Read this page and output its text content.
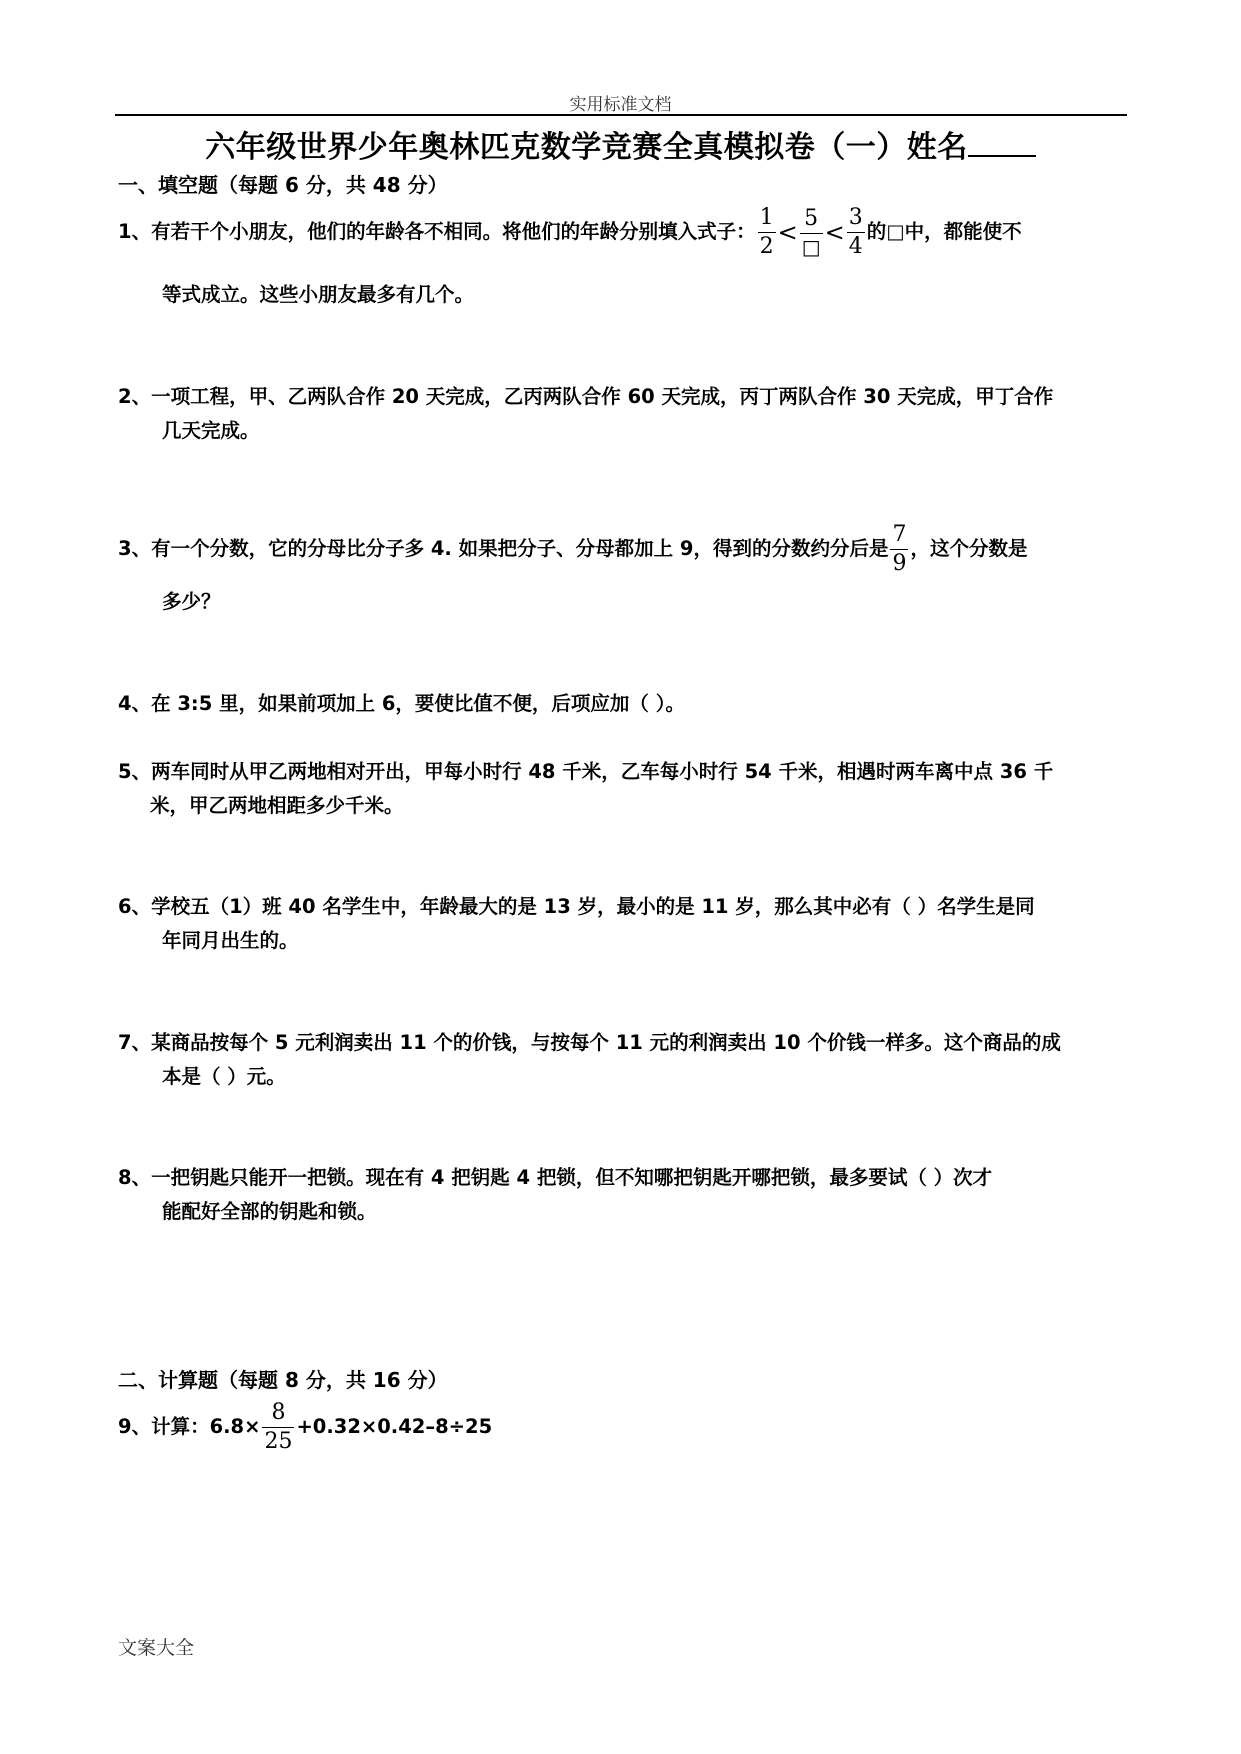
实用标准文档
六年级世界少年奥林匹克数学竞赛全真模拟卷（一）姓名
一、填空题（每题 6 分，共 48 分）
1、有若干个小朋友，他们的年龄各不相同。将他们的年龄分别填入式子： $\frac{1}{2} < \frac{5}{□} < \frac{3}{4}$ 的□中，都能使不
等式成立。这些小朋友最多有几个。
2、一项工程，甲、乙两队合作 20 天完成，乙丙两队合作 60 天完成，丙丁两队合作 30 天完成，甲丁合作
几天完成。
3、有一个分数，它的分母比分子多 4. 如果把分子、分母都加上 9，得到的分数约分后是 $\frac{7}{9}$ ，这个分数是
多少？
4、在 3:5 里，如果前项加上 6，要使比值不便，后项应加（ ）。
5、两车同时从甲乙两地相对开出，甲每小时行 48 千米，乙车每小时行 54 千米，相遇时两车离中点 36 千
米，甲乙两地相距多少千米。
6、学校五（1）班 40 名学生中，年龄最大的是 13 岁，最小的是 11 岁，那么其中必有（ ）名学生是同
年同月出生的。
7、某商品按每个 5 元利润卖出 11 个的价钱，与按每个 11 元的利润卖出 10 个价钱一样多。这个商品的成
本是（ ）元。
8、一把钥匙只能开一把锁。现在有 4 把钥匙 4 把锁，但不知哪把钥匙开哪把锁，最多要试（ ）次才
能配好全部的钥匙和锁。
二、计算题（每题 8 分，共 16 分）
9、计算：$6.8\times \frac{8}{25} +0.32\times 0.42-8\div 25$
文案大全
